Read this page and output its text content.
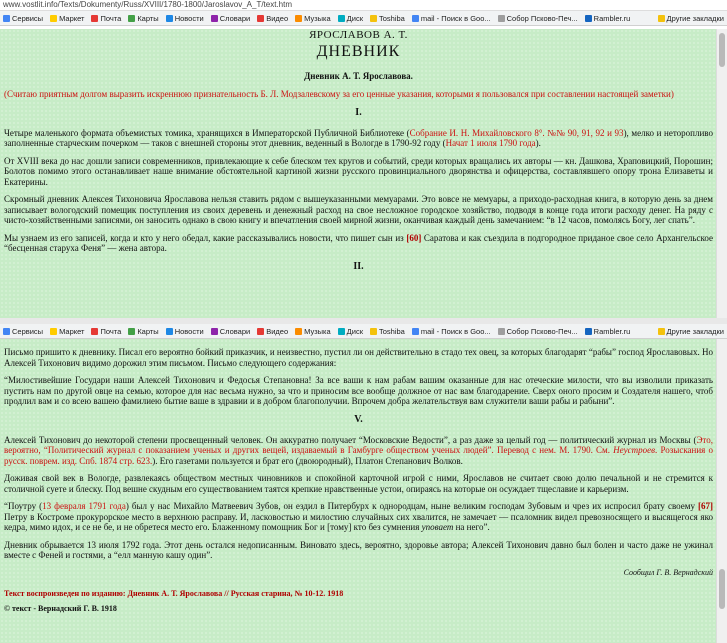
www.vostlit.info/Texts/Dokumenty/Russ/XVIII/1780-1800/Jaroslavov_A_T/text.htm
Сервисы Маркет Почта Карты Новости Словари Видео Музыка Диск Toshiba mail - Поиск в Goo... Собор Псково-Печ... Rambler.ru	Другие закладки
ЯРОСЛАВОВ А. Т.
ДНЕВНИК
Дневник А. Т. Ярославова.

(Считаю приятным долгом выразить искреннюю признательность Б. Л. Модзалевскому за его ценные указания, которыми я пользовался при составлении настоящей заметки)

I.

Четыре маленького формата объемистых томика, хранящихся в Императорской Публичной Библиотеке (Собрание И. Н. Михайловского 8°. №№ 90, 91, 92 и 93), мелко и неторопливо заполненные старческим почерком — таков с внешней стороны этот дневник, веденный в Вологде в 1790-92 году (Начат 1 июля 1790 года).

От XVIII века до нас дошли записи современников, привлекающие к себе блеском тех кругов и событий, среди которых вращались их авторы — кн. Дашкова, Храповицкий, Порошин; Болотов помимо этого останавливает наше внимание обстоятельной картиной жизни русского провинциального дворянства и офицерства, составлявшего опору трона Елизаветы и Екатерины.

Скромный дневник Алексея Тихоновича Ярославова нельзя ставить рядом с вышеуказанными мемуарами. Это вовсе не мемуары, а приходо-расходная книга, в которую день за днем записывает вологодский помещик поступления из своих деревень и денежный расход на свое несложное городское хозяйство, подводя в конце года итоги расходу денег. На ряду с чисто-хозяйственными записями, он заносить однако в свою книгу и впечатления своей мирной жизни, оканчивая каждый день замечанием: “в 12 часов, помолясь Богу, лег спать”.

Мы узнаем из его записей, когда и кто у него обедал, какие рассказывались новости, что пишет сын из [60] Саратова и как съездила в подгородное приданое свое село Архангельское “бесценная старуха Феня” — жена автора.

II.
Сервисы Маркет Почта Карты Новости Словари Видео Музыка Диск Toshiba mail - Поиск в Goo... Собор Псково-Печ... Rambler.ru	Другие закладки

Письмо пришито к дневнику. Писал его вероятно бойкий приказчик, и неизвестно, пустил ли он действительно в стадо тех овец, за которых благодарят “рабы” господ Ярославовых. Но Алексей Тихонович видимо дорожил этим письмом. Письмо следующего содержания:

“Милостивейшие Государи наши Алексей Тихонович и Федосья Степановна! За все ваши к нам рабам вашим оказанные для нас отеческие милости, что вы изволили приказать пустить нам по другой овце на семью, которое для нас весьма нужно, за что и приносим все вообще должное от нас вам благодарение. Сверх оного просим и Создателя нашего, чтоб продлил вам и со всею вашею фамилиею бытие ваше в здравии и в добром благополучии. Впрочем добра желательствуя вам служители ваши рабы и рабыни”.

V.

Алексей Тихонович до некоторой степени просвещенный человек. Он аккуратно получает “Московские Ведости”, а раз даже за целый год — политический журнал из Москвы (Это, вероятно, “Политический журнал с показанием ученых и других вещей, издаваемый в Гамбурге обществом ученых людей”. Перевод с нем. М. 1790. См. Неустроев. Розыскания о русск. поврем. изд. Спб. 1874 стр. 623.). Его газетами пользуется и брат его (двоюродный), Платон Степанович Волков.

Доживая свой век в Вологде, развлекаясь обществом местных чиновников и спокойной карточной игрой с ними, Ярославов не считает свою долю печальной и не стремится к столичной суете и блеску. Под вешне скудным его существованием таятся крепкие нравственные устои, опираясь на которые он осуждает тщеславие и карьеризм.

“Поутру (13 февраля 1791 года) был у нас Михайло Матвеевич Зубов, он ездил в Питербурх к однородцам, ныне великим господам Зубовым и чрез их испросил брату своему [67] Петру в Костроме прокурорское место в верхнюю расправу. И, ласковостью и милостию случайных сих хвалится, не замечает — псаломник видел превозносящего и высящегося яко кедра, мимо идох, и се не бе, и не обретеся место его. Блаженному помощник Бог и [тому] кто без сумнения уповает на него”.

Дневник обрывается 13 июля 1792 года. Этот день остался недописанным. Виновато здесь, вероятно, здоровье автора; Алексей Тихонович давно был болен и часто даже не ужинал вместе с Феней и гостями, а “елл манную кашу один”.

Сообщил Г. В. Вернадский
Текст воспроизведен по изданию: Дневник А. Т. Ярославова // Русская старина, № 10-12. 1918
© текст - Вернадский Г. В. 1918
